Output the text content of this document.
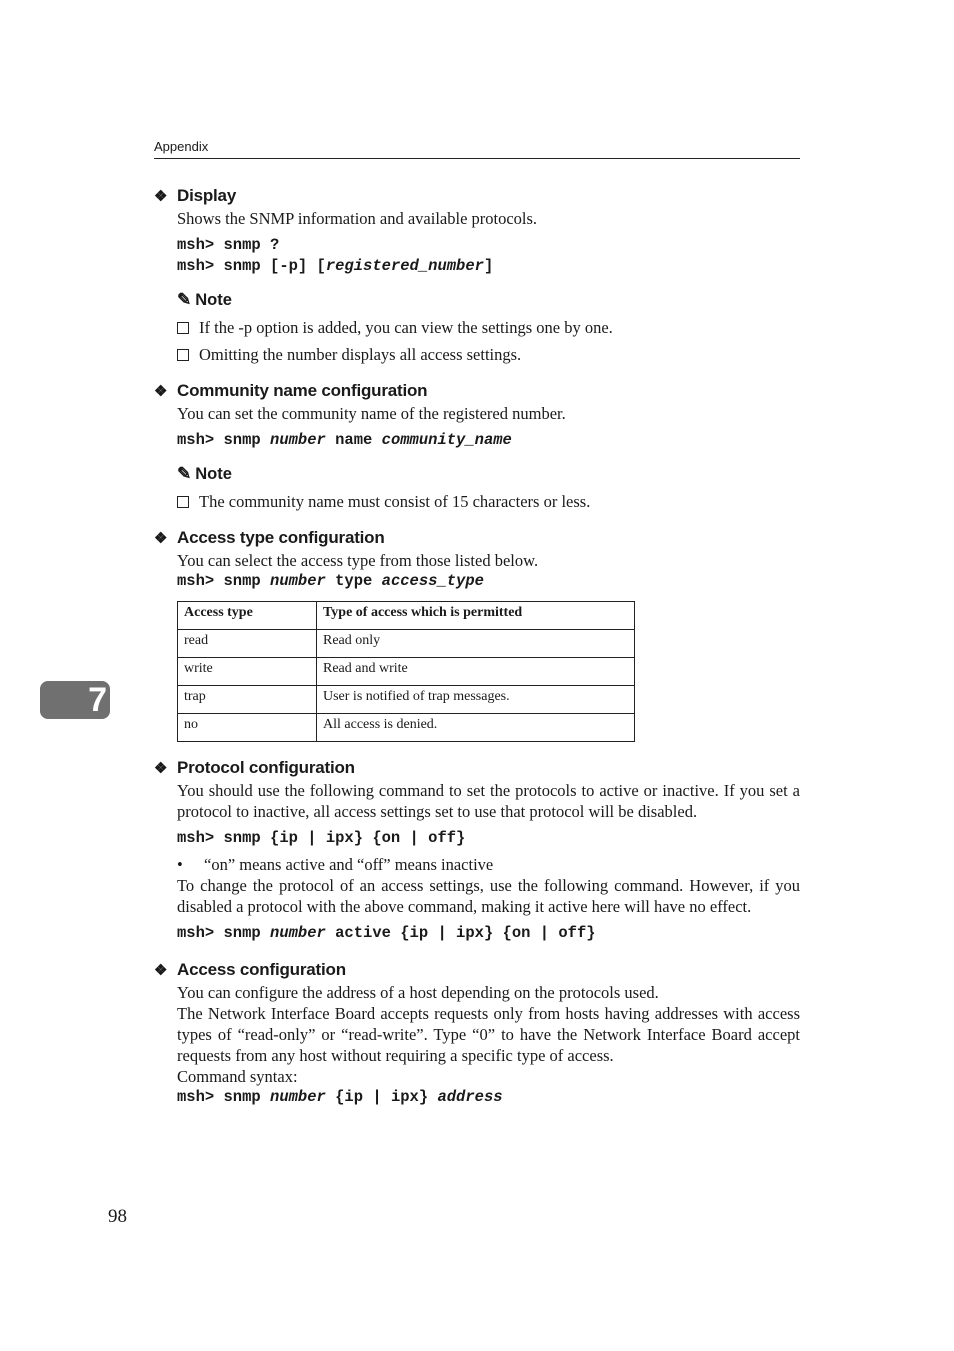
Appendix
❖ Display

Shows the SNMP information and available protocols.

msh> snmp ?
msh> snmp [-p] [registered_number]
✎ Note
If the -p option is added, you can view the settings one by one.
Omitting the number displays all access settings.
❖ Community name configuration

You can set the community name of the registered number.

msh> snmp number name community_name
✎ Note
The community name must consist of 15 characters or less.
❖ Access type configuration

You can select the access type from those listed below.

msh> snmp number type access_type
Access type	Type of access which is permitted
read	Read only
write	Read and write
trap	User is notified of trap messages.
no	All access is denied.
❖ Protocol configuration

You should use the following command to set the protocols to active or inactive. If you set a protocol to inactive, all access settings set to use that protocol will be disabled.

msh> snmp {ip | ipx} {on | off}
•	“on” means active and “off” means inactive

To change the protocol of an access settings, use the following command. However, if you disabled a protocol with the above command, making it active here will have no effect.

msh> snmp number active {ip | ipx} {on | off}
❖ Access configuration

You can configure the address of a host depending on the protocols used.

The Network Interface Board accepts requests only from hosts having addresses with access types of “read-only” or “read-write”. Type “0” to have the Network Interface Board accept requests from any host without requiring a specific type of access.

Command syntax:

msh> snmp number {ip | ipx} address
7
98
